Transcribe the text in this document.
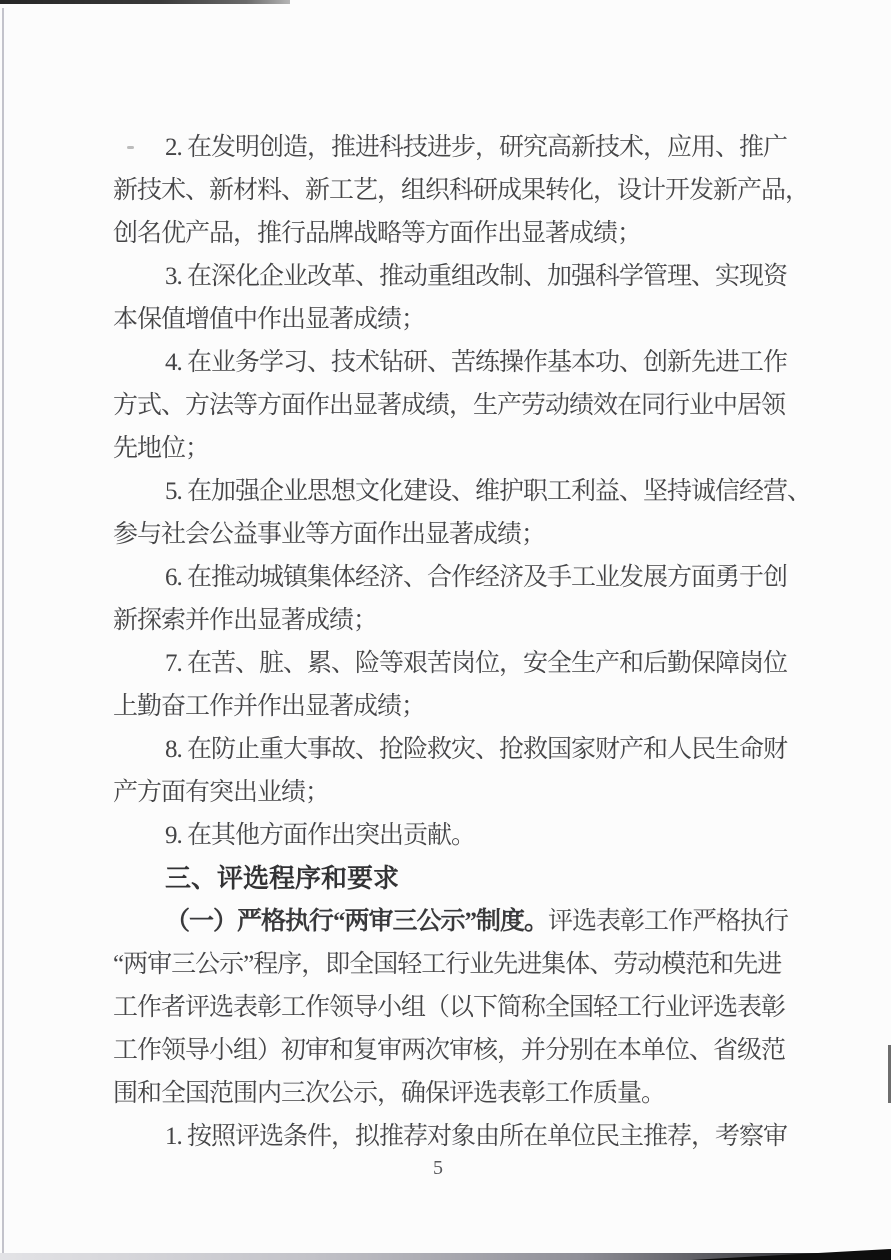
2. 在发明创造，推进科技进步，研究高新技术，应用、推广
新技术、新材料、新工艺，组织科研成果转化，设计开发新产品，
创名优产品，推行品牌战略等方面作出显著成绩；
3. 在深化企业改革、推动重组改制、加强科学管理、实现资
本保值增值中作出显著成绩；
4. 在业务学习、技术钻研、苦练操作基本功、创新先进工作
方式、方法等方面作出显著成绩，生产劳动绩效在同行业中居领
先地位；
5. 在加强企业思想文化建设、维护职工利益、坚持诚信经营、
参与社会公益事业等方面作出显著成绩；
6. 在推动城镇集体经济、合作经济及手工业发展方面勇于创
新探索并作出显著成绩；
7. 在苦、脏、累、险等艰苦岗位，安全生产和后勤保障岗位
上勤奋工作并作出显著成绩；
8. 在防止重大事故、抢险救灾、抢救国家财产和人民生命财
产方面有突出业绩；
9. 在其他方面作出突出贡献。
三、评选程序和要求
（一）严格执行“两审三公示”制度。评选表彰工作严格执行
“两审三公示”程序，即全国轻工行业先进集体、劳动模范和先进
工作者评选表彰工作领导小组（以下简称全国轻工行业评选表彰
工作领导小组）初审和复审两次审核，并分别在本单位、省级范
围和全国范围内三次公示，确保评选表彰工作质量。
1. 按照评选条件，拟推荐对象由所在单位民主推荐，考察审
5
